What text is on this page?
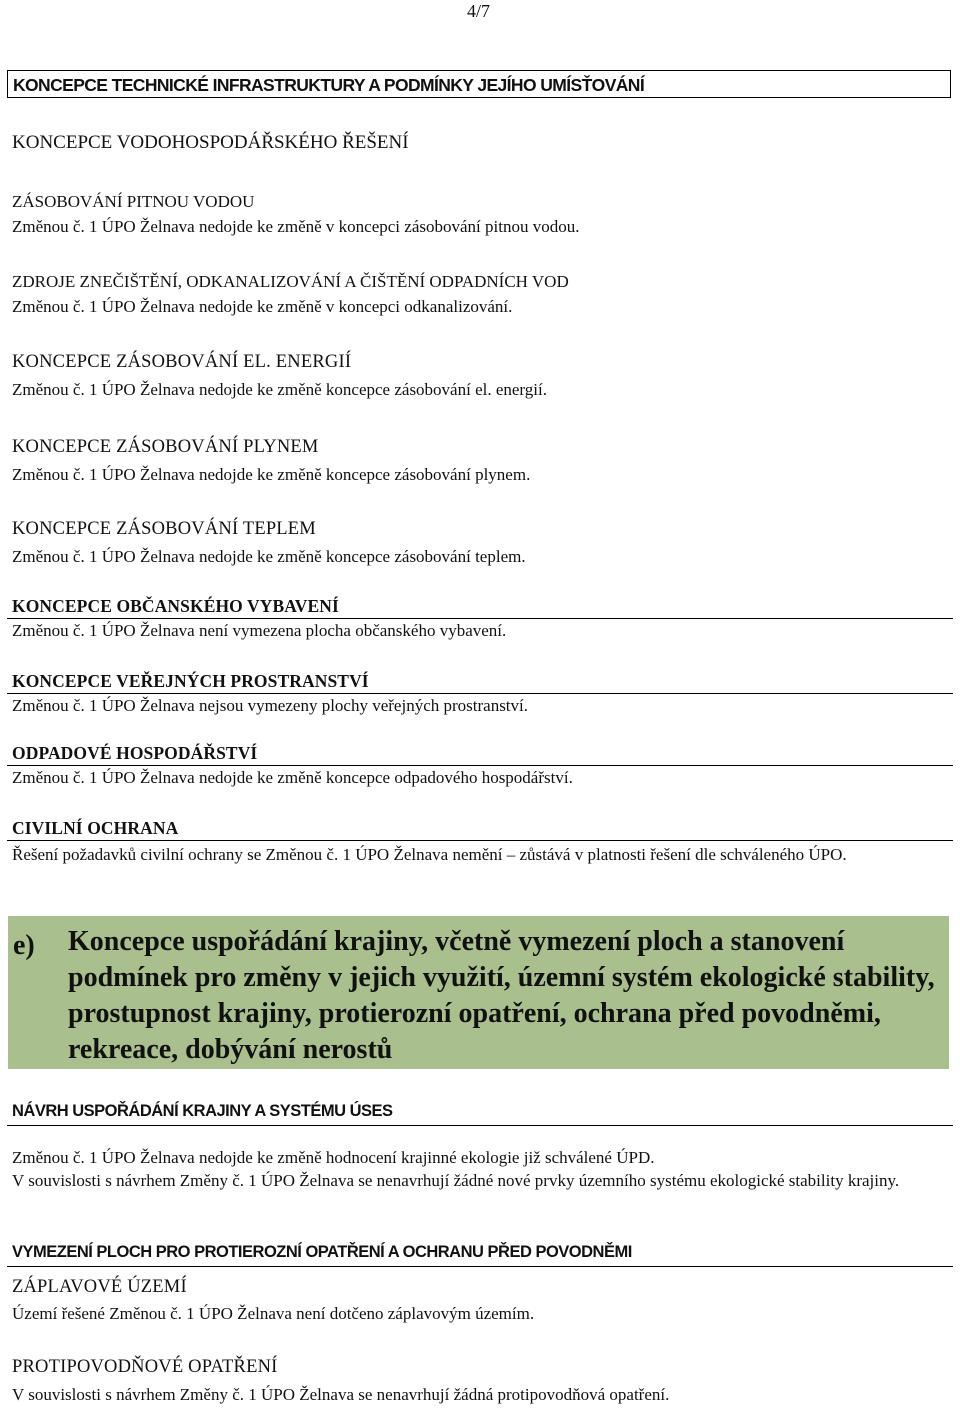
4/7
KONCEPCE TECHNICKÉ INFRASTRUKTURY A PODMÍNKY JEJÍHO UMÍSŤOVÁNÍ
KONCEPCE VODOHOSPODÁŘSKÉHO ŘEŠENÍ
ZÁSOBOVÁNÍ PITNOU VODOU
Změnou č. 1 ÚPO Želnava nedojde ke změně v koncepci zásobování pitnou vodou.
ZDROJE ZNEČIŠTĚNÍ, ODKANALIZOVÁNÍ A ČIŠTĚNÍ ODPADNÍCH VOD
Změnou č. 1 ÚPO Želnava nedojde ke změně v koncepci odkanalizování.
KONCEPCE ZÁSOBOVÁNÍ EL. ENERGIÍ
Změnou č. 1 ÚPO Želnava nedojde ke změně koncepce zásobování el. energií.
KONCEPCE ZÁSOBOVÁNÍ PLYNEM
Změnou č. 1 ÚPO Želnava nedojde ke změně koncepce zásobování plynem.
KONCEPCE ZÁSOBOVÁNÍ TEPLEM
Změnou č. 1 ÚPO Želnava nedojde ke změně koncepce zásobování teplem.
KONCEPCE OBČANSKÉHO VYBAVENÍ
Změnou č. 1 ÚPO Želnava není vymezena plocha občanského vybavení.
KONCEPCE VEŘEJNÝCH PROSTRANSTVÍ
Změnou č. 1 ÚPO Želnava nejsou vymezeny plochy veřejných prostranství.
ODPADOVÉ HOSPODÁŘSTVÍ
Změnou č. 1 ÚPO Želnava nedojde ke změně koncepce odpadového hospodářství.
CIVILNÍ OCHRANA
Řešení požadavků civilní ochrany se Změnou č. 1 ÚPO Želnava nemění – zůstává v platnosti řešení dle schváleného ÚPO.
e) Koncepce uspořádání krajiny, včetně vymezení ploch a stanovení podmínek pro změny v jejich využití, územní systém ekologické stability, prostupnost krajiny, protierozní opatření, ochrana před povodněmi, rekreace, dobývání nerostů
NÁVRH USPOŘÁDÁNÍ KRAJINY A SYSTÉMU ÚSES
Změnou č. 1 ÚPO Želnava nedojde ke změně hodnocení krajinné ekologie již schválené ÚPD.
V souvislosti s návrhem Změny č. 1 ÚPO Želnava se nenavrhují žádné nové prvky územního systému ekologické stability krajiny.
VYMEZENÍ PLOCH PRO PROTIEROZNÍ OPATŘENÍ A OCHRANU PŘED POVODNĚMI
ZÁPLAVOVÉ ÚZEMÍ
Území řešené Změnou č. 1 ÚPO Želnava není dotčeno záplavovým územím.
PROTIPOVODŇOVÉ OPATŘENÍ
V souvislosti s návrhem Změny č. 1 ÚPO Želnava se nenavrhují žádná protipovodňová opatření.
